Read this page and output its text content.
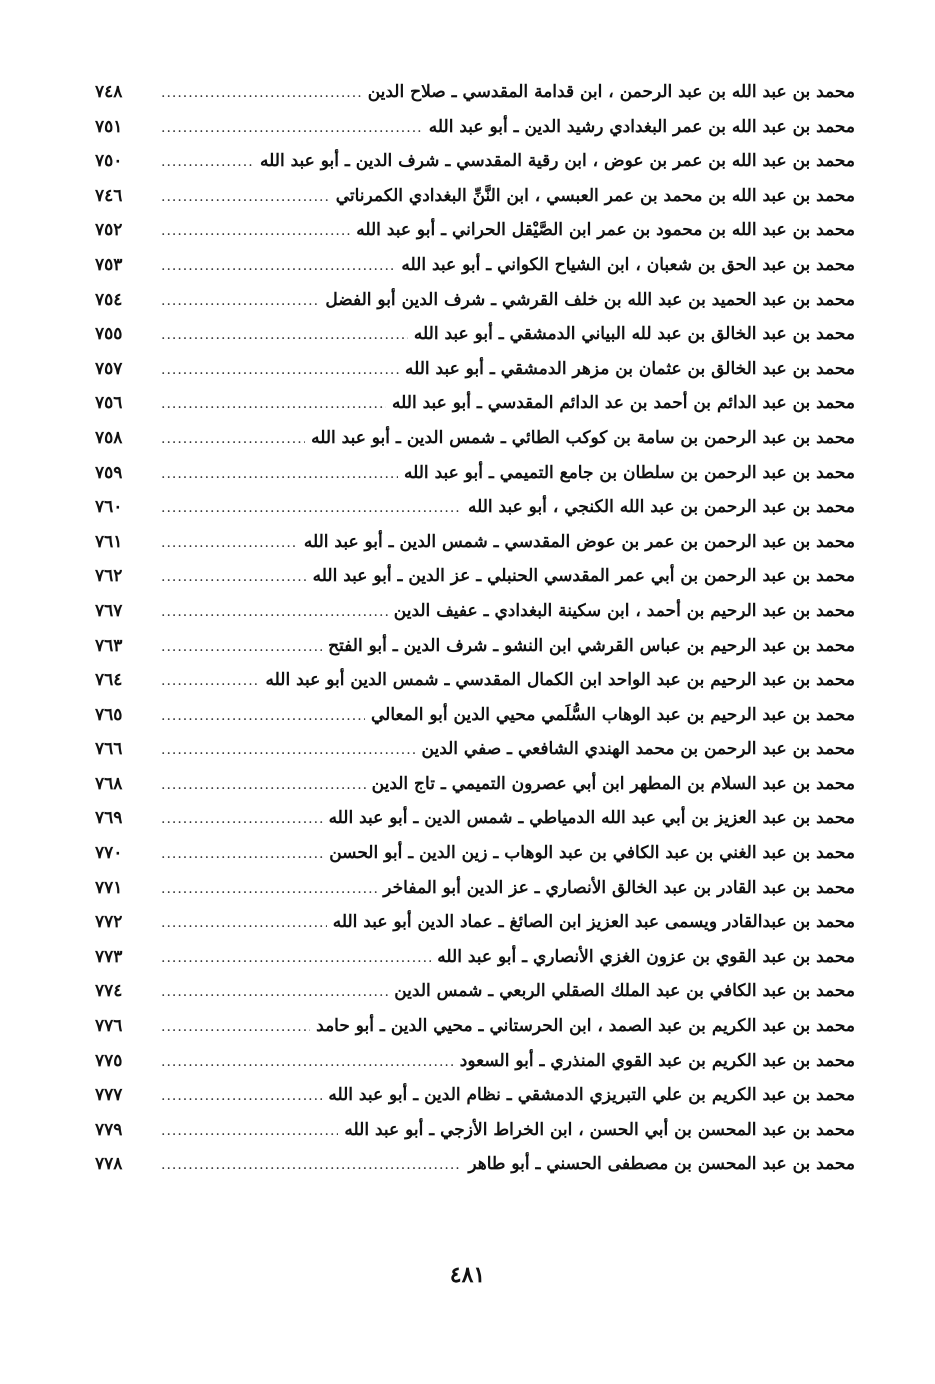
محمد بن عبد الله بن عبد الرحمن ، ابن قدامة المقدسي ـ صلاح الدين
.....
٧٤٨
محمد بن عبد الله بن عمر البغدادي رشيد الدين ـ أبو عبد الله
.....
٧٥١
محمد بن عبد الله بن عمر بن عوض ، ابن رقية المقدسي ـ شرف الدين ـ أبو عبد الله
.....
٧٥٠
محمد بن عبد الله بن محمد بن عمر العبسي ، ابن النَّنِّ البغدادي الكمرناتي
.....
٧٤٦
محمد بن عبد الله بن محمود بن عمر ابن الصَّيْقل الحراني ـ أبو عبد الله
.....
٧٥٢
محمد بن عبد الحق بن شعبان ، ابن الشياح الكواني ـ أبو عبد الله
.....
٧٥٣
محمد بن عبد الحميد بن عبد الله بن خلف القرشي ـ شرف الدين أبو الفضل
.....
٧٥٤
محمد بن عبد الخالق بن عبد لله البياني الدمشقي ـ أبو عبد الله
.....
٧٥٥
محمد بن عبد الخالق بن عثمان بن مزهر الدمشقي ـ أبو عبد الله
.....
٧٥٧
محمد بن عبد الدائم بن أحمد بن عد الدائم المقدسي ـ أبو عبد الله
.....
٧٥٦
محمد بن عبد الرحمن بن سامة بن كوكب الطائي ـ شمس الدين ـ أبو عبد الله
.....
٧٥٨
محمد بن عبد الرحمن بن سلطان بن جامع التميمي ـ أبو عبد الله
.....
٧٥٩
محمد بن عبد الرحمن بن عبد الله الكنجي ، أبو عبد الله
.....
٧٦٠
محمد بن عبد الرحمن بن عمر بن عوض المقدسي ـ شمس الدين ـ أبو عبد الله
.....
٧٦١
محمد بن عبد الرحمن بن أبي عمر المقدسي الحنبلي ـ عز الدين ـ أبو عبد الله
.....
٧٦٢
محمد بن عبد الرحيم بن أحمد ، ابن سكينة البغدادي ـ عفيف الدين
.....
٧٦٧
محمد بن عبد الرحيم بن عباس القرشي ابن النشو ـ شرف الدين ـ أبو الفتح
.....
٧٦٣
محمد بن عبد الرحيم بن عبد الواحد ابن الكمال المقدسي ـ شمس الدين أبو عبد الله
.....
٧٦٤
محمد بن عبد الرحيم بن عبد الوهاب السُّلَمي محيي الدين أبو المعالي
.....
٧٦٥
محمد بن عبد الرحمن بن محمد الهندي الشافعي ـ صفي الدين
.....
٧٦٦
محمد بن عبد السلام بن المطهر ابن أبي عصرون التميمي ـ تاج الدين
.....
٧٦٨
محمد بن عبد العزيز بن أبي عبد الله الدمياطي ـ شمس الدين ـ أبو عبد الله
.....
٧٦٩
محمد بن عبد الغني بن عبد الكافي بن عبد الوهاب ـ زين الدين ـ أبو الحسن
.....
٧٧٠
محمد بن عبد القادر بن عبد الخالق الأنصاري ـ عز الدين أبو المفاخر
.....
٧٧١
محمد بن عبدالقادر ويسمى عبد العزيز ابن الصائغ ـ عماد الدين أبو عبد الله
.....
٧٧٢
محمد بن عبد القوي بن عزون الغزي الأنصاري ـ أبو عبد الله
.....
٧٧٣
محمد بن عبد الكافي بن عبد الملك الصقلي الربعي ـ شمس الدين
.....
٧٧٤
محمد بن عبد الكريم بن عبد الصمد ، ابن الحرستاني ـ محيي الدين ـ أبو حامد
.....
٧٧٦
محمد بن عبد الكريم بن عبد القوي المنذري ـ أبو السعود
.....
٧٧٥
محمد بن عبد الكريم بن علي التبريزي الدمشقي ـ نظام الدين ـ أبو عبد الله
.....
٧٧٧
محمد بن عبد المحسن بن أبي الحسن ، ابن الخراط الأزجي ـ أبو عبد الله
.....
٧٧٩
محمد بن عبد المحسن بن مصطفى الحسني ـ أبو طاهر
.....
٧٧٨
٤٨١
